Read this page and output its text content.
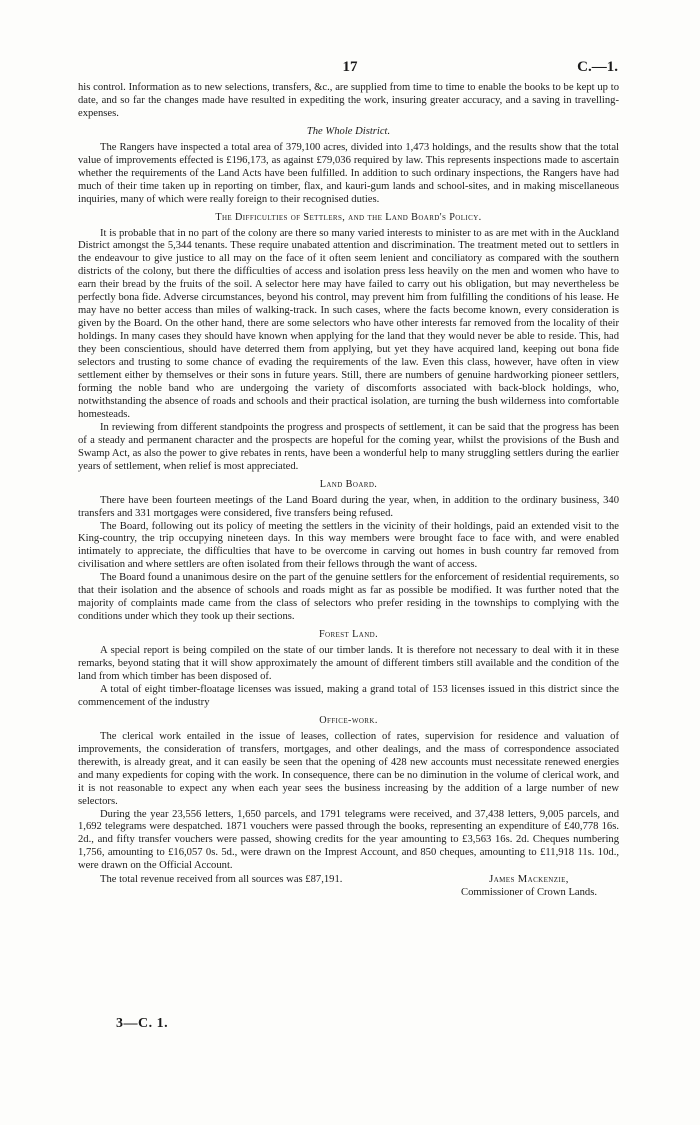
17	C.—1.

his control. Information as to new selections, transfers, &c., are supplied from time to time to enable the books to be kept up to date, and so far the changes made have resulted in expediting the work, insuring greater accuracy, and a saving in travelling-expenses.

The Whole District.

The Rangers have inspected a total area of 379,100 acres, divided into 1,473 holdings, and the results show that the total value of improvements effected is £196,173, as against £79,036 required by law. This represents inspections made to ascertain whether the requirements of the Land Acts have been fulfilled. In addition to such ordinary inspections, the Rangers have had much of their time taken up in reporting on timber, flax, and kauri-gum lands and school-sites, and in making miscellaneous inquiries, many of which were really foreign to their recognised duties.

The Difficulties of Settlers, and the Land Board's Policy.

It is probable that in no part of the colony are there so many varied interests to minister to as are met with in the Auckland District amongst the 5,344 tenants. These require unabated attention and discrimination. The treatment meted out to settlers in the endeavour to give justice to all may on the face of it often seem lenient and conciliatory as compared with the southern districts of the colony, but there the difficulties of access and isolation press less heavily on the men and women who have to earn their bread by the fruits of the soil. A selector here may have failed to carry out his obligation, but may nevertheless be perfectly bona fide. Adverse circumstances, beyond his control, may prevent him from fulfilling the conditions of his lease. He may have no better access than miles of walking-track. In such cases, where the facts become known, every consideration is given by the Board. On the other hand, there are some selectors who have other interests far removed from the locality of their holdings. In many cases they should have known when applying for the land that they would never be able to reside. This, had they been conscientious, should have deterred them from applying, but yet they have acquired land, keeping out bona fide selectors and trusting to some chance of evading the requirements of the law. Even this class, however, have often in view settlement either by themselves or their sons in future years. Still, there are numbers of genuine hardworking pioneer settlers, forming the noble band who are undergoing the variety of discomforts associated with back-block holdings, who, notwithstanding the absence of roads and schools and their practical isolation, are turning the bush wilderness into comfortable homesteads.

In reviewing from different standpoints the progress and prospects of settlement, it can be said that the progress has been of a steady and permanent character and the prospects are hopeful for the coming year, whilst the provisions of the Bush and Swamp Act, as also the power to give rebates in rents, have been a wonderful help to many struggling settlers during the earlier years of settlement, when relief is most appreciated.

Land Board.

There have been fourteen meetings of the Land Board during the year, when, in addition to the ordinary business, 340 transfers and 331 mortgages were considered, five transfers being refused.

The Board, following out its policy of meeting the settlers in the vicinity of their holdings, paid an extended visit to the King-country, the trip occupying nineteen days. In this way members were brought face to face with, and were enabled intimately to appreciate, the difficulties that have to be overcome in carving out homes in bush country far removed from civilisation and where settlers are often isolated from their fellows through the want of access.

The Board found a unanimous desire on the part of the genuine settlers for the enforcement of residential requirements, so that their isolation and the absence of schools and roads might as far as possible be modified. It was further noted that the majority of complaints made came from the class of selectors who prefer residing in the townships to complying with the conditions under which they took up their sections.

Forest Land.

A special report is being compiled on the state of our timber lands. It is therefore not necessary to deal with it in these remarks, beyond stating that it will show approximately the amount of different timbers still available and the condition of the land from which timber has been disposed of.

A total of eight timber-floatage licenses was issued, making a grand total of 153 licenses issued in this district since the commencement of the industry

Office-work.

The clerical work entailed in the issue of leases, collection of rates, supervision for residence and valuation of improvements, the consideration of transfers, mortgages, and other dealings, and the mass of correspondence associated therewith, is already great, and it can easily be seen that the opening of 428 new accounts must necessitate renewed energies and many expedients for coping with the work. In consequence, there can be no diminution in the volume of clerical work, and it is not reasonable to expect any when each year sees the business increasing by the addition of a large number of new selectors.

During the year 23,556 letters, 1,650 parcels, and 1791 telegrams were received, and 37,438 letters, 9,005 parcels, and 1,692 telegrams were despatched. 1871 vouchers were passed through the books, representing an expenditure of £40,778 16s. 2d., and fifty transfer vouchers were passed, showing credits for the year amounting to £3,563 16s. 2d. Cheques numbering 1,756, amounting to £16,057 0s. 5d., were drawn on the Imprest Account, and 850 cheques, amounting to £11,918 11s. 10d., were drawn on the Official Account.

The total revenue received from all sources was £87,191.	James Mackenzie,
Commissioner of Crown Lands.

3—C. 1.
